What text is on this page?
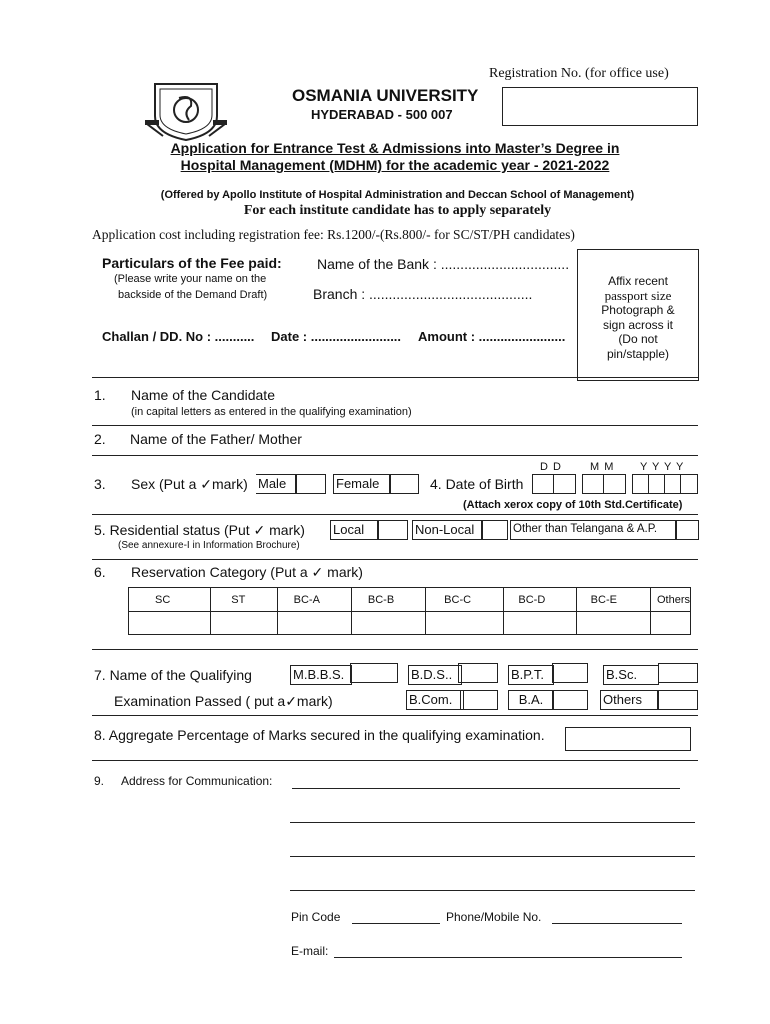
Registration No. (for office use)
OSMANIA UNIVERSITY
HYDERABAD - 500 007
Application for Entrance Test & Admissions into Master’s Degree in
Hospital Management (MDHM) for the academic year - 2021-2022
(Offered by Apollo Institute of Hospital Administration and Deccan School of Management)
For each institute candidate has to apply separately
Application cost including registration fee: Rs.1200/-(Rs.800/- for SC/ST/PH candidates)
Particulars of the Fee paid:
(Please write your name on the
backside of the Demand Draft)
Name of the Bank : .................................
Branch : ..........................................
Challan / DD. No : ........... Date : ......................... Amount : ........................
Affix recent
passport size
Photograph &
sign across it
(Do not
pin/stapple)
1. Name of the Candidate
(in capital letters as entered in the qualifying examination)
2. Name of the Father/ Mother
D D	M M Y Y Y Y
3. Sex (Put a ✓mark) Male	Female	4. Date of Birth
(Attach xerox copy of 10th Std.Certificate)
5. Residential status (Put ✓ mark)
(See annexure-I in Information Brochure)
Local	Non-Local	Other than Telangana & A.P.
6. Reservation Category (Put a ✓ mark)
SC	ST	BC-A	BC-B	BC-C	BC-D	BC-E	Others

7. Name of the Qualifying
Examination Passed ( put a✓mark)
M.B.B.S.	B.D.S..	B.P.T.	B.Sc.
B.Com.	B.A.	Others
8. Aggregate Percentage of Marks secured in the qualifying examination.
9. Address for Communication:
Pin Code	Phone/Mobile No.
E-mail:
